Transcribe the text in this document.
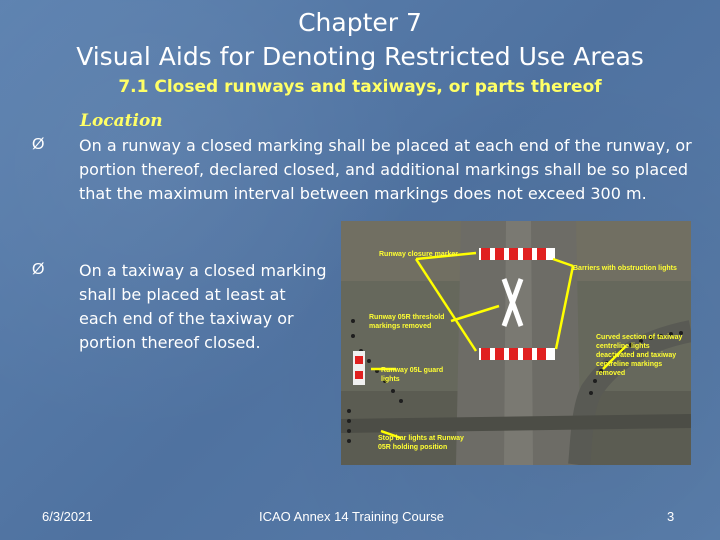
Chapter 7
Visual Aids for Denoting Restricted Use Areas
7.1 Closed runways and taxiways, or parts thereof
Location
Ø On a runway a closed marking shall be placed at each end of the runway, or portion thereof, declared closed, and additional markings shall be so placed that the maximum interval between markings does not exceed 300 m.
Ø On a taxiway a closed marking shall be placed at least at each end of the taxiway or portion thereof closed.
Runway closure marker
Barriers with obstruction lights
Runway 05R threshold markings removed
Curved section of taxiway centreline lights deactivated and taxiway centreline markings removed
Runway 05L guard lights
Stop bar lights at Runway 05R holding position
6/3/2021	ICAO Annex 14 Training Course	3
